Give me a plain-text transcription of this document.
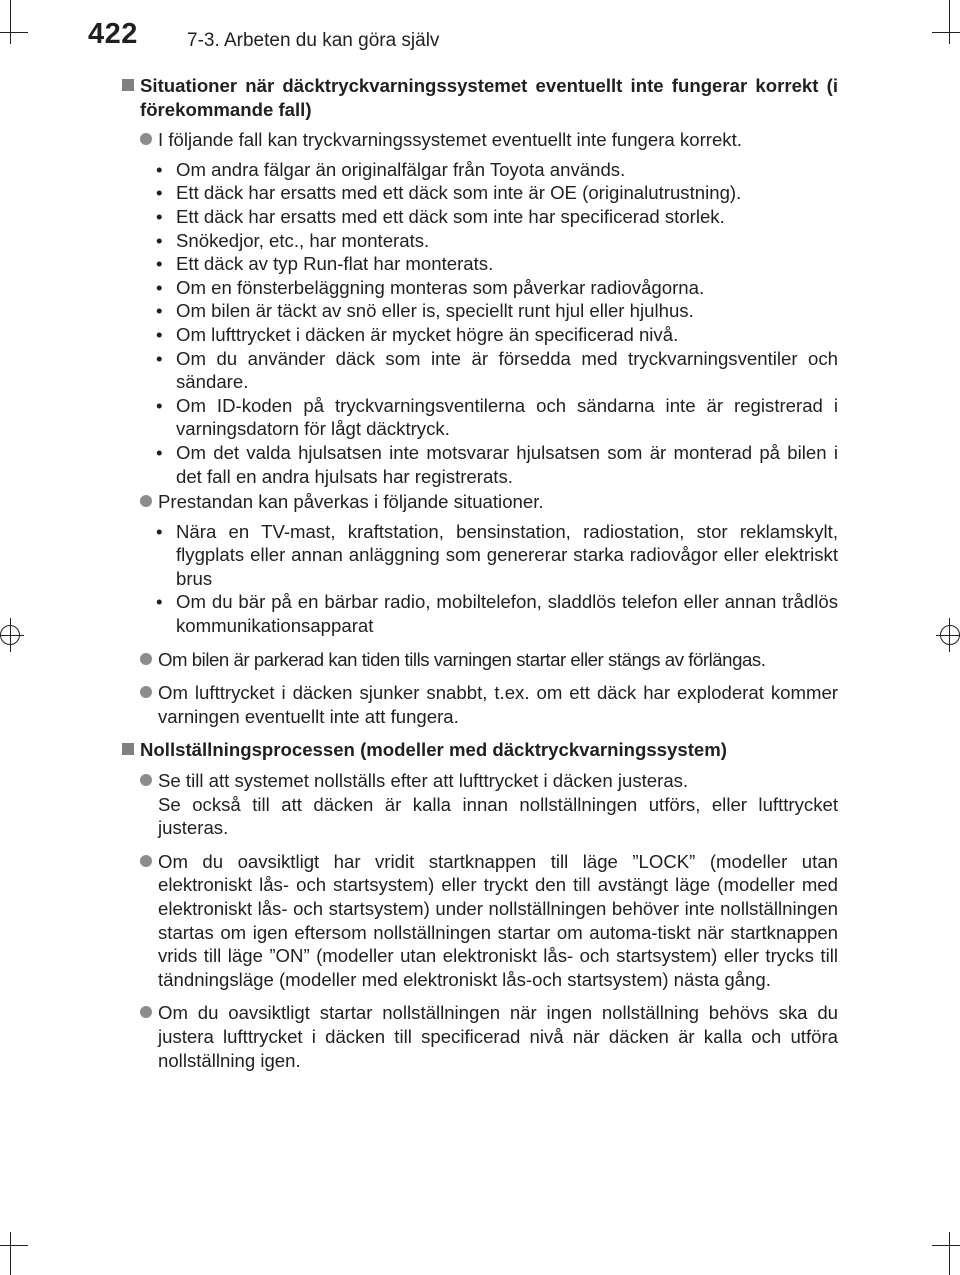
422	7-3. Arbeten du kan göra själv
Situationer när däcktryckvarningssystemet eventuellt inte fungerar korrekt (i förekommande fall)
I följande fall kan tryckvarningssystemet eventuellt inte fungera korrekt.
• Om andra fälgar än originalfälgar från Toyota används.
• Ett däck har ersatts med ett däck som inte är OE (originalutrustning).
• Ett däck har ersatts med ett däck som inte har specificerad storlek.
• Snökedjor, etc., har monterats.
• Ett däck av typ Run-flat har monterats.
• Om en fönsterbeläggning monteras som påverkar radiovågorna.
• Om bilen är täckt av snö eller is, speciellt runt hjul eller hjulhus.
• Om lufttrycket i däcken är mycket högre än specificerad nivå.
• Om du använder däck som inte är försedda med tryckvarningsventiler och sändare.
• Om ID-koden på tryckvarningsventilerna och sändarna inte är registrerad i varningsdatorn för lågt däcktryck.
• Om det valda hjulsatsen inte motsvarar hjulsatsen som är monterad på bilen i det fall en andra hjulsats har registrerats.
Prestandan kan påverkas i följande situationer.
• Nära en TV-mast, kraftstation, bensinstation, radiostation, stor reklamskylt, flygplats eller annan anläggning som genererar starka radiovågor eller elektriskt brus
• Om du bär på en bärbar radio, mobiltelefon, sladdlös telefon eller annan trådlös kommunikationsapparat
Om bilen är parkerad kan tiden tills varningen startar eller stängs av förlängas.
Om lufttrycket i däcken sjunker snabbt, t.ex. om ett däck har exploderat kommer varningen eventuellt inte att fungera.
Nollställningsprocessen (modeller med däcktryckvarningssystem)
Se till att systemet nollställs efter att lufttrycket i däcken justeras.
Se också till att däcken är kalla innan nollställningen utförs, eller lufttrycket justeras.
Om du oavsiktligt har vridit startknappen till läge ”LOCK” (modeller utan elektroniskt lås- och startsystem) eller tryckt den till avstängt läge (modeller med elektroniskt lås- och startsystem) under nollställningen behöver inte nollställningen startas om igen eftersom nollställningen startar om automa-tiskt när startknappen vrids till läge ”ON” (modeller utan elektroniskt lås- och startsystem) eller trycks till tändningsläge (modeller med elektroniskt lås-och startsystem) nästa gång.
Om du oavsiktligt startar nollställningen när ingen nollställning behövs ska du justera lufttrycket i däcken till specificerad nivå när däcken är kalla och utföra nollställning igen.
